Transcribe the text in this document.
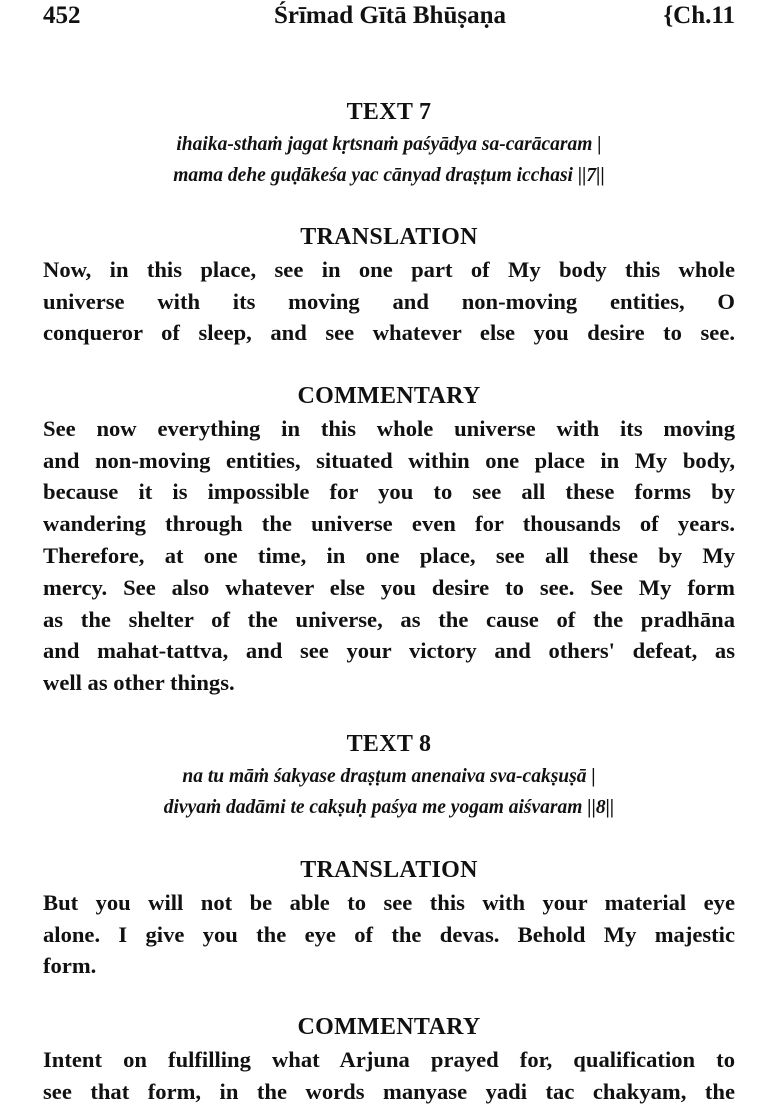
452	Śrīmad Gītā Bhūṣaṇa	{Ch.11
TEXT 7
ihaika-sthaṁ jagat kṛtsnaṁ paśyādya sa-carācaram |
mama dehe guḍākeśa yac cānyad draṣṭum icchasi ||7||
TRANSLATION
Now, in this place, see in one part of My body this whole
universe with its moving and non-moving entities, O
conqueror of sleep, and see whatever else you desire to see.
COMMENTARY
See now everything in this whole universe with its moving
and non-moving entities, situated within one place in My body,
because it is impossible for you to see all these forms by
wandering through the universe even for thousands of years.
Therefore, at one time, in one place, see all these by My
mercy. See also whatever else you desire to see. See My form
as the shelter of the universe, as the cause of the pradhāna
and mahat-tattva, and see your victory and others' defeat, as
well as other things.
TEXT 8
na tu māṁ śakyase draṣṭum anenaiva sva-cakṣuṣā |
divyaṁ dadāmi te cakṣuḥ paśya me yogam aiśvaram ||8||
TRANSLATION
But you will not be able to see this with your material eye
alone. I give you the eye of the devas. Behold My majestic
form.
COMMENTARY
Intent on fulfilling what Arjuna prayed for, qualification to
see that form, in the words manyase yadi tac chakyam, the
